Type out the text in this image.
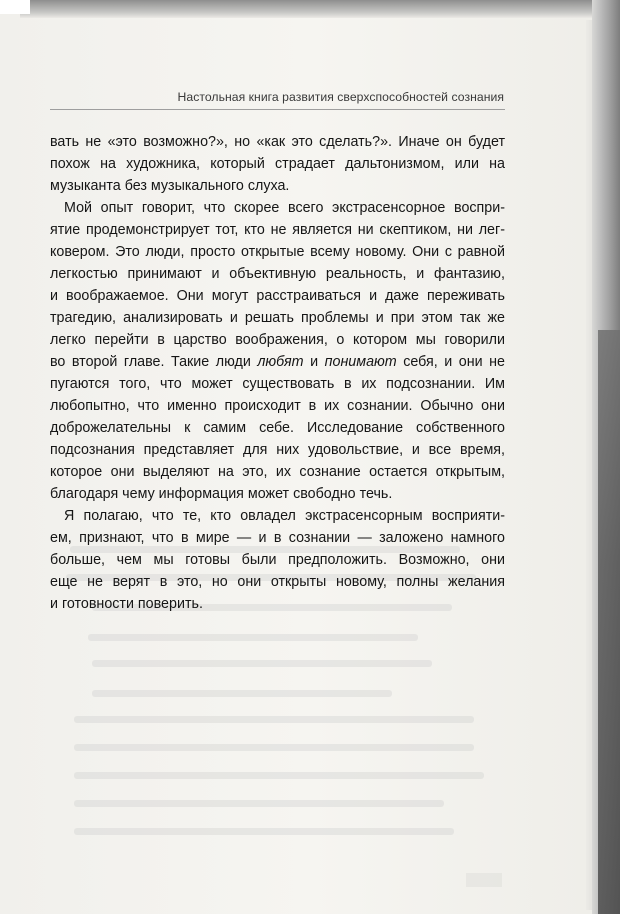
Настольная книга развития сверхспособностей сознания
вать не «это возможно?», но «как это сделать?». Иначе он будет
похож на художника, который страдает дальтонизмом, или на
музыканта без музыкального слуха.
Мой опыт говорит, что скорее всего экстрасенсорное воспри-
ятие продемонстрирует тот, кто не является ни скептиком, ни лег-
ковером. Это люди, просто открытые всему новому. Они с равной
легкостью принимают и объективную реальность, и фантазию,
и воображаемое. Они могут расстраиваться и даже переживать
трагедию, анализировать и решать проблемы и при этом так же
легко перейти в царство воображения, о котором мы говорили
во второй главе. Такие люди любят и понимают себя, и они не
пугаются того, что может существовать в их подсознании. Им
любопытно, что именно происходит в их сознании. Обычно они
доброжелательны к самим себе. Исследование собственного
подсознания представляет для них удовольствие, и все время,
которое они выделяют на это, их сознание остается открытым,
благодаря чему информация может свободно течь.
Я полагаю, что те, кто овладел экстрасенсорным восприяти-
ем, признают, что в мире — и в сознании — заложено намного
больше, чем мы готовы были предположить. Возможно, они
еще не верят в это, но они открыты новому, полны желания
и готовности поверить.
